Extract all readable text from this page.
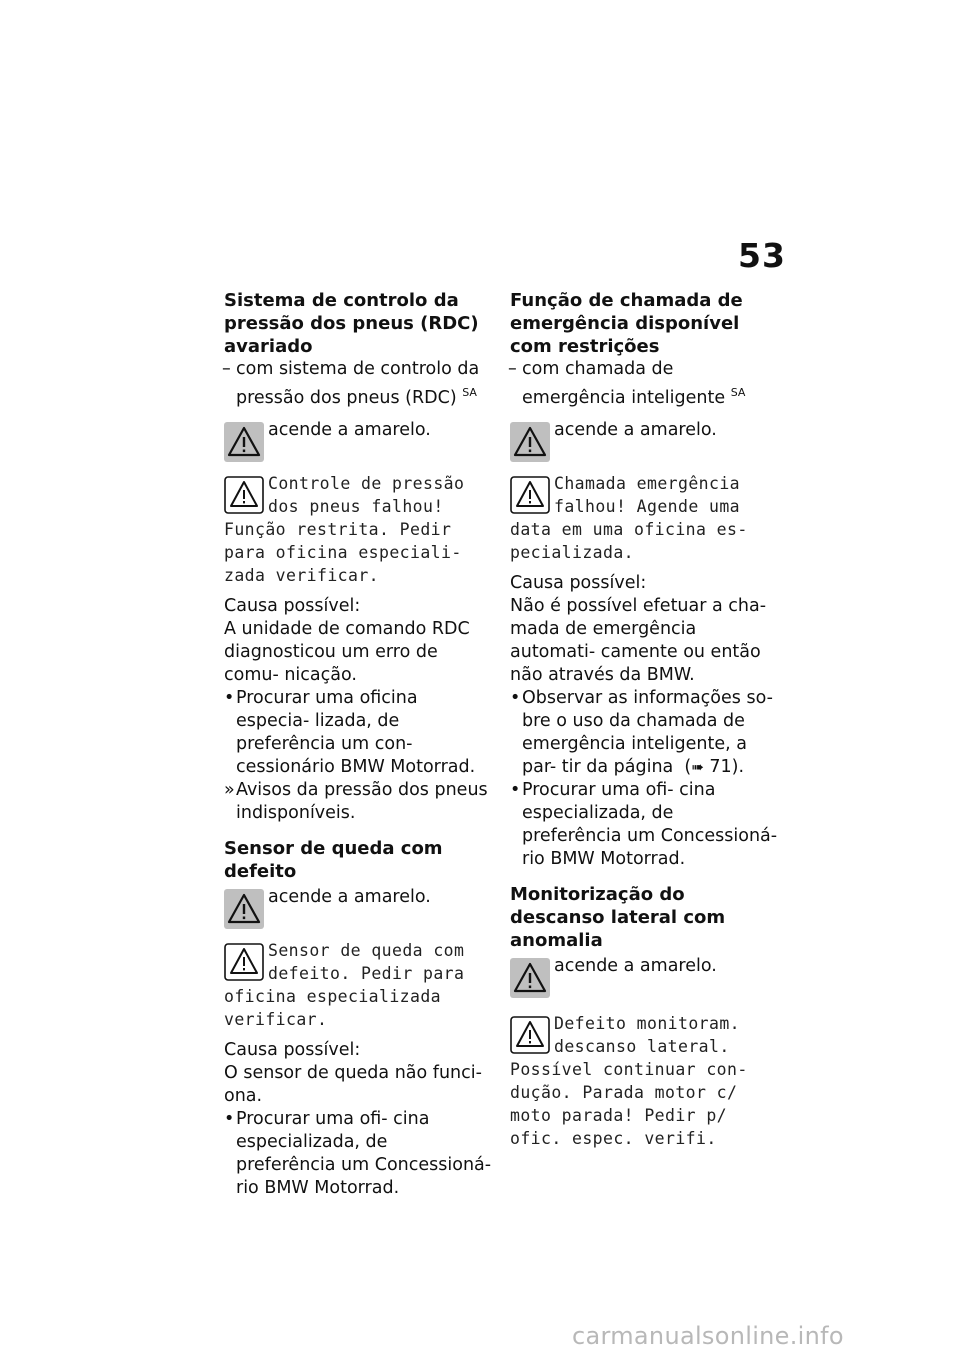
53
Sistema de controlo da pressão dos pneus (RDC) avariado
– com sistema de controlo da pressão dos pneus (RDC) $^{SA}$
acende a amarelo.
Controle de pressão dos pneus falhou! Função restrita. Pedir para oficina especiali- zada verificar.
Causa possível:
A unidade de comando RDC diagnosticou um erro de comu- nicação.
• Procurar uma oficina especia- lizada, de preferência um con- cessionário BMW Motorrad.
» Avisos da pressão dos pneus indisponíveis.
Sensor de queda com defeito
acende a amarelo.
Sensor de queda com defeito. Pedir para oficina especializada verificar.
Causa possível:
O sensor de queda não funci- ona.
• Procurar uma ofi- cina especializada, de preferência um Concessioná- rio BMW Motorrad.
Função de chamada de emergência disponível com restrições
– com chamada de emergência inteligente $^{SA}$
acende a amarelo.
Chamada emergência falhou! Agende uma data em uma oficina es- pecializada.
Causa possível:
Não é possível efetuar a cha- mada de emergência automati- camente ou então não através da BMW.
• Observar as informações so- bre o uso da chamada de emergência inteligente, a par- tir da página  (➠ 71).
• Procurar uma ofi- cina especializada, de preferência um Concessioná- rio BMW Motorrad.
Monitorização do descanso lateral com anomalia
acende a amarelo.
Defeito monitoram. descanso lateral. Possível continuar con- dução. Parada motor c/ moto parada! Pedir p/ ofic. espec. verifi.
carmanualsonline.info
